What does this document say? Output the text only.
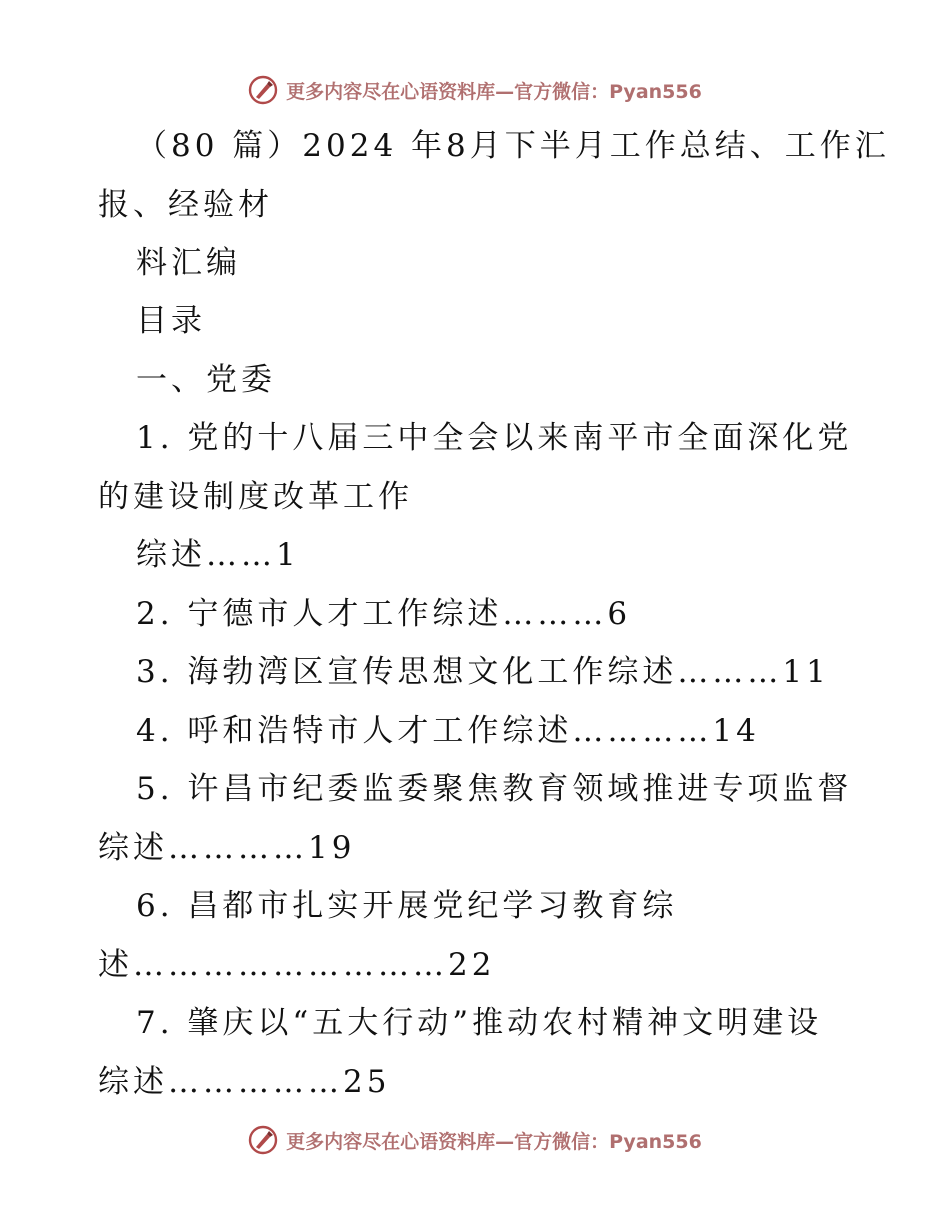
更多内容尽在心语资料库—官方微信：Pyan556
（80 篇）2024 年8月下半月工作总结、工作汇
报、经验材
料汇编
目录
一、党委
1. 党的十八届三中全会以来南平市全面深化党
的建设制度改革工作
综述……1
2. 宁德市人才工作综述………6
3. 海勃湾区宣传思想文化工作综述………11
4. 呼和浩特市人才工作综述…………14
5. 许昌市纪委监委聚焦教育领域推进专项监督
综述…………19
6. 昌都市扎实开展党纪学习教育综
述………………………22
7. 肇庆以“五大行动”推动农村精神文明建设
综述……………25
更多内容尽在心语资料库—官方微信：Pyan556
